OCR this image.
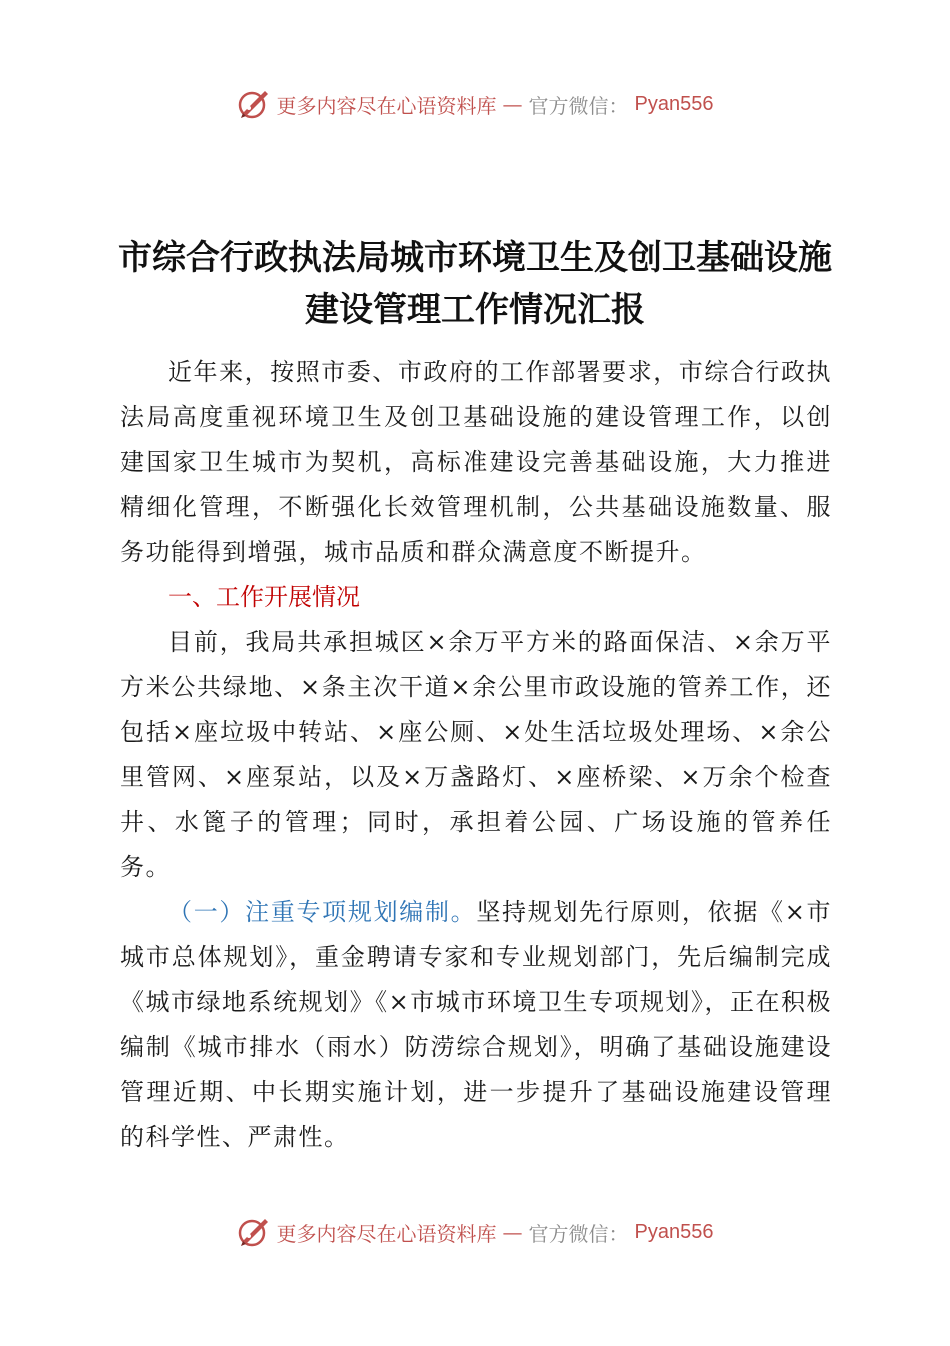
更多内容尽在心语资料库 — 官方微信： Pyan556
市综合行政执法局城市环境卫生及创卫基础设施建设管理工作情况汇报

近年来，按照市委、市政府的工作部署要求，市综合行政执法局高度重视环境卫生及创卫基础设施的建设管理工作，以创建国家卫生城市为契机，高标准建设完善基础设施，大力推进精细化管理，不断强化长效管理机制，公共基础设施数量、服务功能得到增强，城市品质和群众满意度不断提升。

一、工作开展情况

目前，我局共承担城区×余万平方米的路面保洁、×余万平方米公共绿地、×条主次干道×余公里市政设施的管养工作，还包括×座垃圾中转站、×座公厕、×处生活垃圾处理场、×余公里管网、×座泵站，以及×万盏路灯、×座桥梁、×万余个检查井、水篦子的管理；同时，承担着公园、广场设施的管养任务。

（一）注重专项规划编制。坚持规划先行原则，依据《×市城市总体规划》，重金聘请专家和专业规划部门，先后编制完成《城市绿地系统规划》《×市城市环境卫生专项规划》，正在积极编制《城市排水（雨水）防涝综合规划》，明确了基础设施建设管理近期、中长期实施计划，进一步提升了基础设施建设管理的科学性、严肃性。

更多内容尽在心语资料库 — 官方微信： Pyan556
